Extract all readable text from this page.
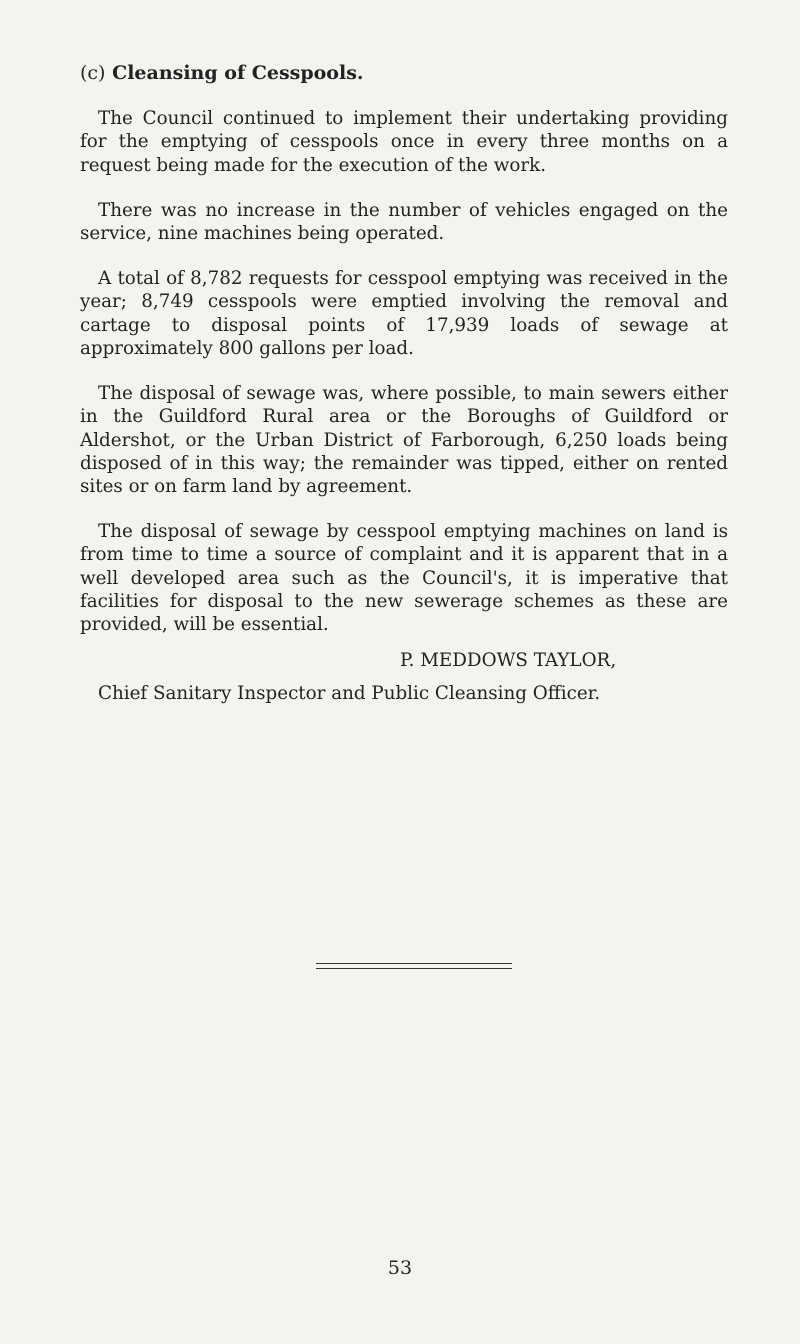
(c) Cleansing of Cesspools.

The Council continued to implement their undertaking providing for the emptying of cesspools once in every three months on a request being made for the execution of the work.

There was no increase in the number of vehicles engaged on the service, nine machines being operated.

A total of 8,782 requests for cesspool emptying was received in the year; 8,749 cesspools were emptied involving the removal and cartage to disposal points of 17,939 loads of sewage at approximately 800 gallons per load.

The disposal of sewage was, where possible, to main sewers either in the Guildford Rural area or the Boroughs of Guildford or Aldershot, or the Urban District of Farborough, 6,250 loads being disposed of in this way; the remainder was tipped, either on rented sites or on farm land by agreement.

The disposal of sewage by cesspool emptying machines on land is from time to time a source of complaint and it is apparent that in a well developed area such as the Council's, it is imperative that facilities for disposal to the new sewerage schemes as these are provided, will be essential.

P. MEDDOWS TAYLOR,

Chief Sanitary Inspector and Public Cleansing Officer.

53
